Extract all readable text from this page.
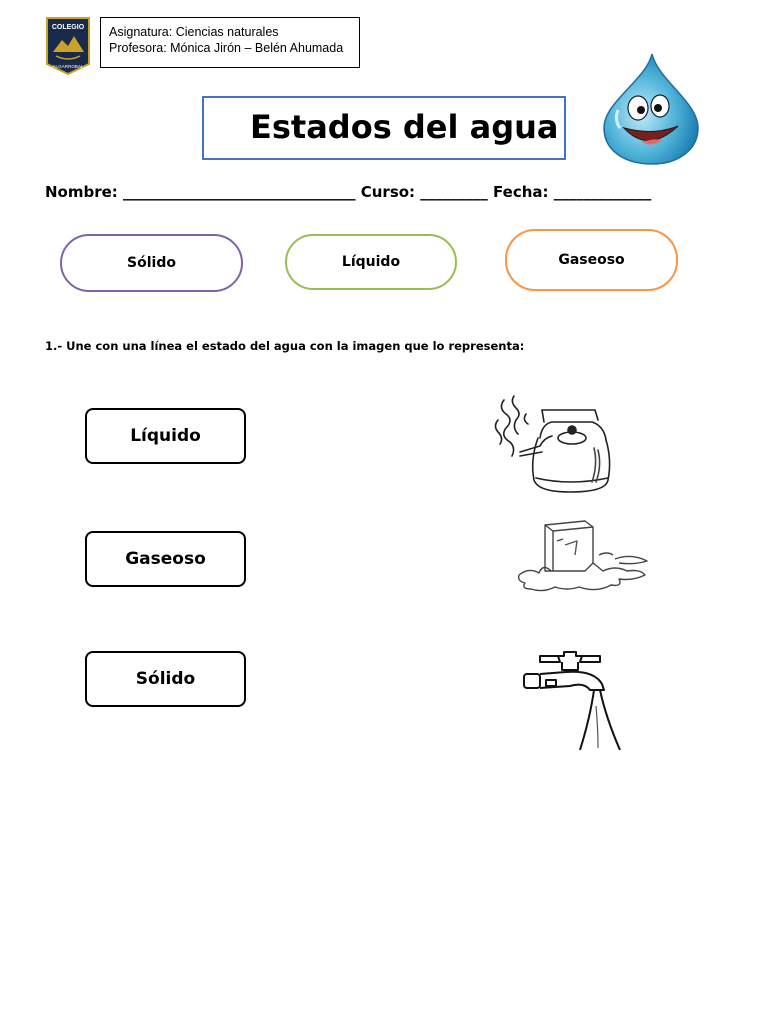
COLEGIO
ALGARROBAL
Asignatura: Ciencias naturales
Profesora: Mónica Jirón – Belén Ahumada
Estados del agua
Nombre: _______________________________ Curso: _________ Fecha: _____________
Sólido	Líquido	Gaseoso
1.- Une con una línea el estado del agua con la imagen que lo representa:
Líquido
Gaseoso
Sólido
